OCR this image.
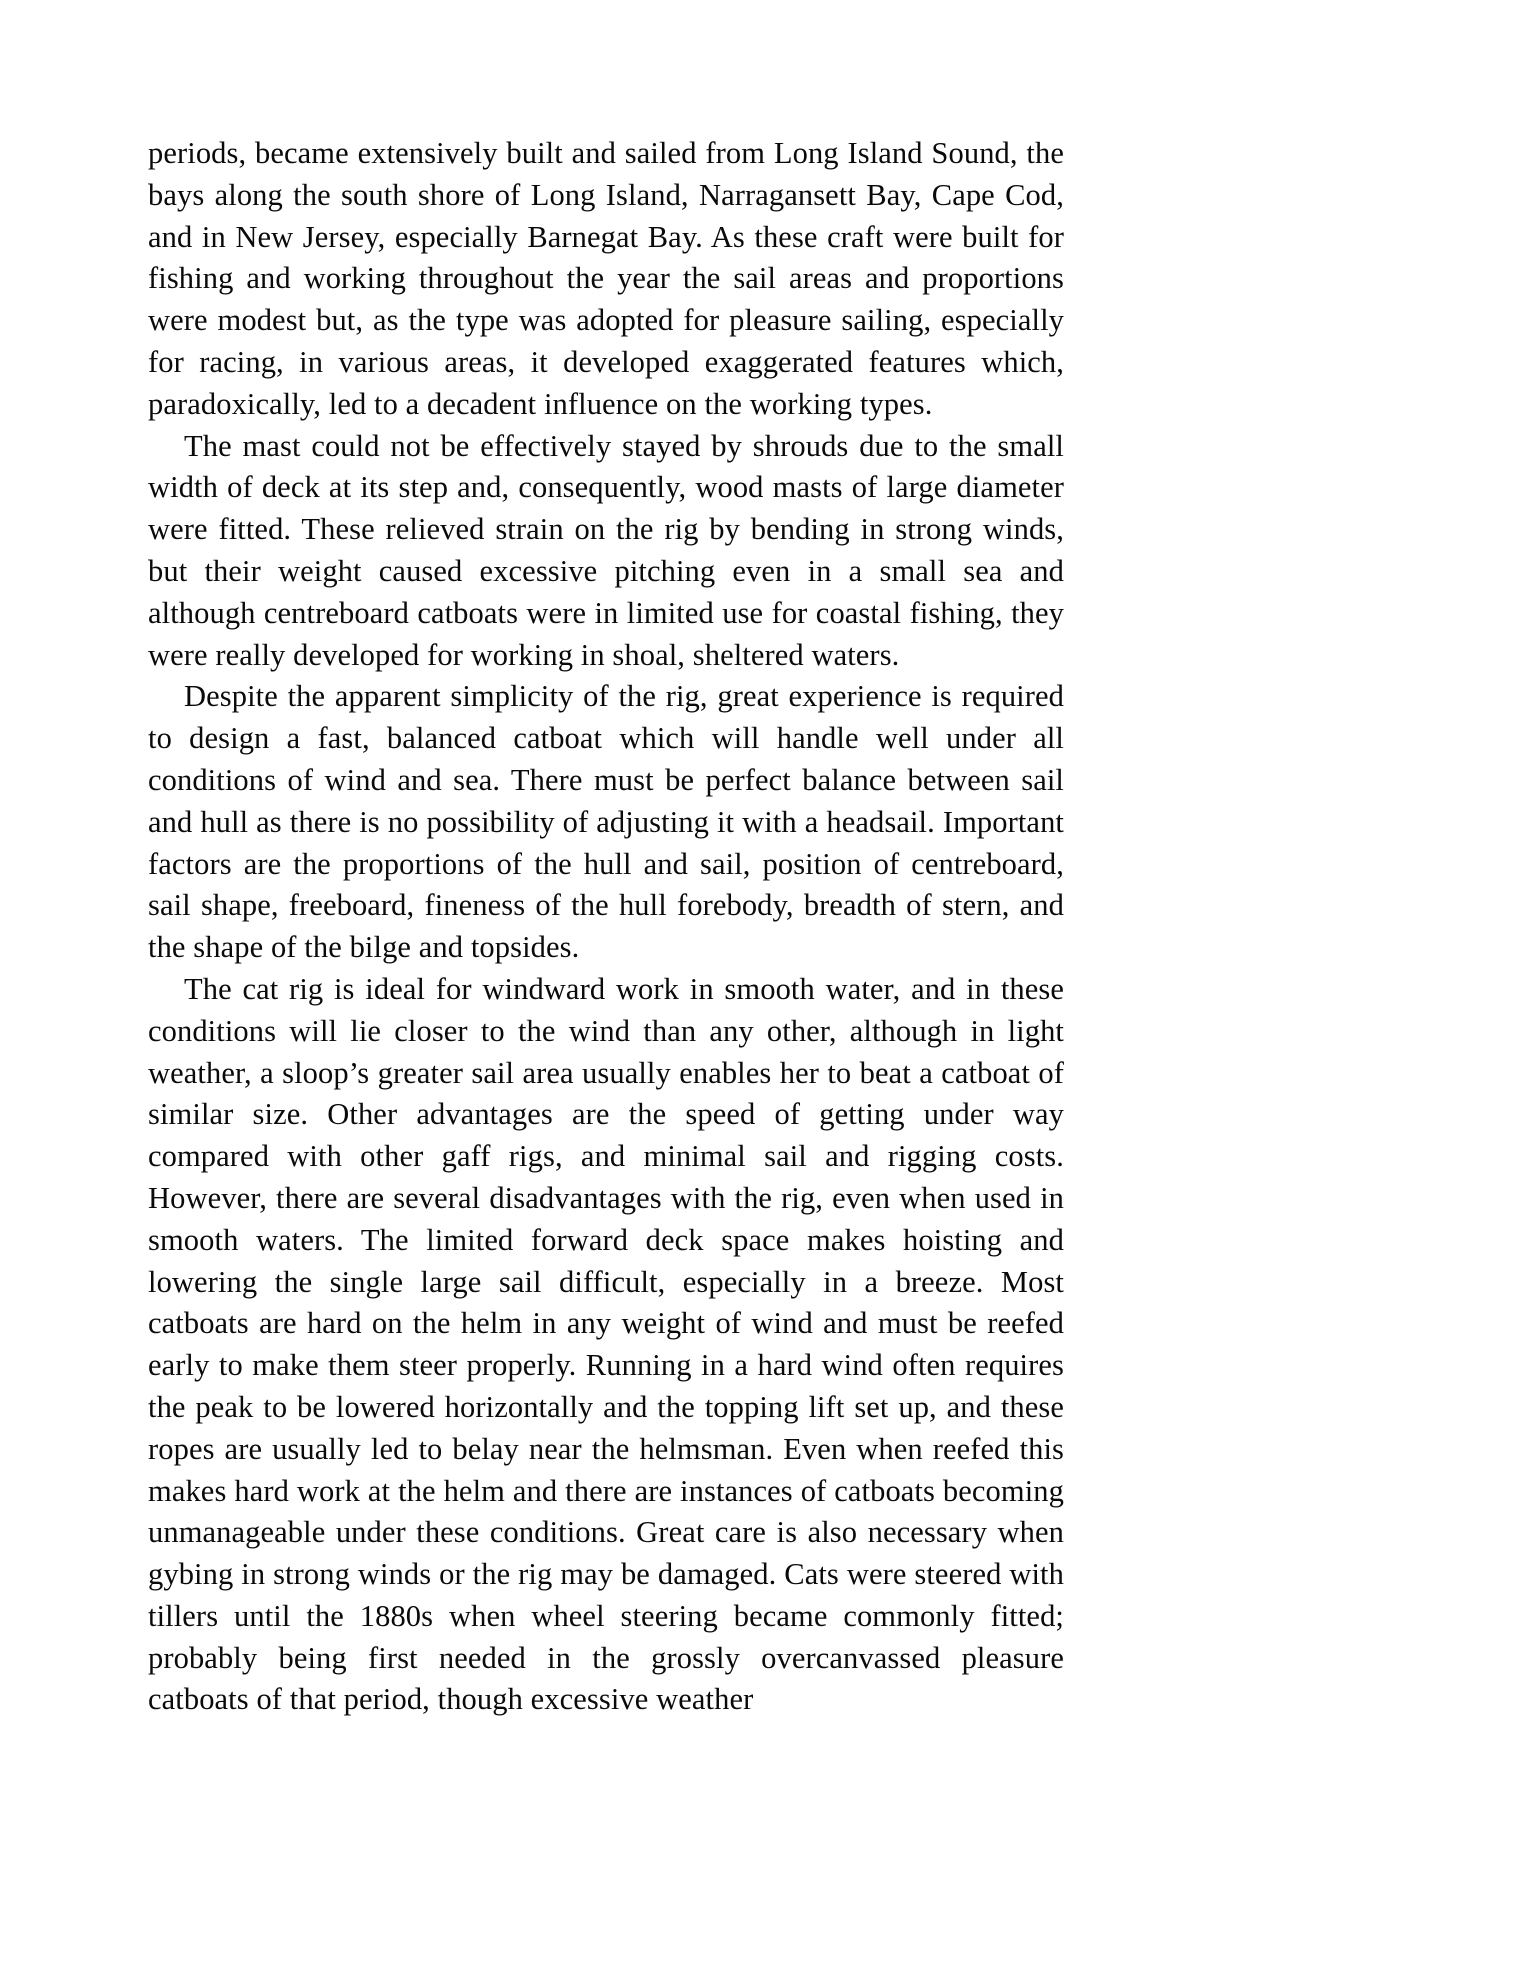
periods, became extensively built and sailed from Long Island Sound, the bays along the south shore of Long Island, Narragansett Bay, Cape Cod, and in New Jersey, especially Barnegat Bay. As these craft were built for fishing and working throughout the year the sail areas and proportions were modest but, as the type was adopted for pleasure sailing, especially for racing, in various areas, it developed exaggerated features which, paradoxically, led to a decadent influence on the working types.

The mast could not be effectively stayed by shrouds due to the small width of deck at its step and, consequently, wood masts of large diameter were fitted. These relieved strain on the rig by bending in strong winds, but their weight caused excessive pitching even in a small sea and although centreboard catboats were in limited use for coastal fishing, they were really developed for working in shoal, sheltered waters.

Despite the apparent simplicity of the rig, great experience is required to design a fast, balanced catboat which will handle well under all conditions of wind and sea. There must be perfect balance between sail and hull as there is no possibility of adjusting it with a headsail. Important factors are the proportions of the hull and sail, position of centreboard, sail shape, freeboard, fineness of the hull forebody, breadth of stern, and the shape of the bilge and topsides.

The cat rig is ideal for windward work in smooth water, and in these conditions will lie closer to the wind than any other, although in light weather, a sloop’s greater sail area usually enables her to beat a catboat of similar size. Other advantages are the speed of getting under way compared with other gaff rigs, and minimal sail and rigging costs. However, there are several disadvantages with the rig, even when used in smooth waters. The limited forward deck space makes hoisting and lowering the single large sail difficult, especially in a breeze. Most catboats are hard on the helm in any weight of wind and must be reefed early to make them steer properly. Running in a hard wind often requires the peak to be lowered horizontally and the topping lift set up, and these ropes are usually led to belay near the helmsman. Even when reefed this makes hard work at the helm and there are instances of catboats becoming unmanageable under these conditions. Great care is also necessary when gybing in strong winds or the rig may be damaged. Cats were steered with tillers until the 1880s when wheel steering became commonly fitted; probably being first needed in the grossly overcanvassed pleasure catboats of that period, though excessive weather
